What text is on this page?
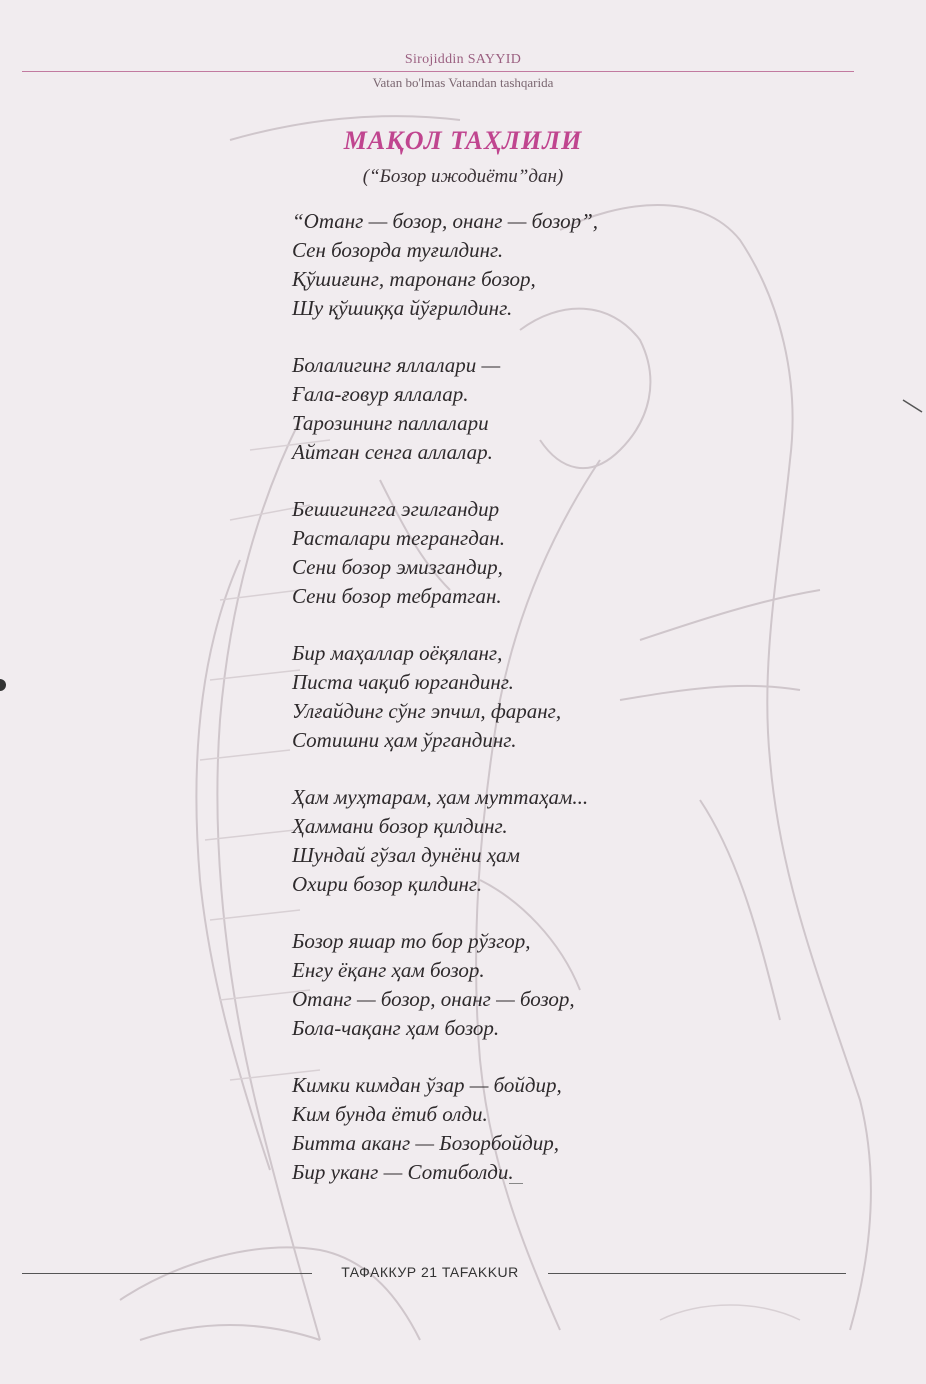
Sirojiddin SAYYID
Vatan bo'lmas Vatandan tashqarida
МАҚОЛ ТАҲЛИЛИ
(“Бозор ижодиёти”дан)
“Отанг — бозор, онанг — бозор”,
Сен бозорда туғилдинг.
Қўшиғинг, таронанг бозор,
Шу қўшиққа йўғрилдинг.
Болалигинг яллалари —
Ғала-ғовур яллалар.
Тарозининг паллалари
Айтган сенга аллалар.
Бешигингга эгилгандир
Расталари тегрангдан.
Сени бозор эмизгандир,
Сени бозор тебратган.
Бир маҳаллар оёқяланг,
Писта чақиб юргандинг.
Улғайдинг сўнг эпчил, фаранг,
Сотишни ҳам ўргандинг.
Ҳам муҳтарам, ҳам муттаҳам...
Ҳаммани бозор қилдинг.
Шундай гўзал дунёни ҳам
Охири бозор қилдинг.
Бозор яшар то бор рўзгор,
Енгу ёқанг ҳам бозор.
Отанг — бозор, онанг — бозор,
Бола-чақанг ҳам бозор.
Кимки кимдан ўзар — бойдир,
Ким бунда ётиб олди.
Битта аканг — Бозорбойдир,
Бир уканг — Сотиболди.
ТАФАККУР 21 TAFAKKUR
